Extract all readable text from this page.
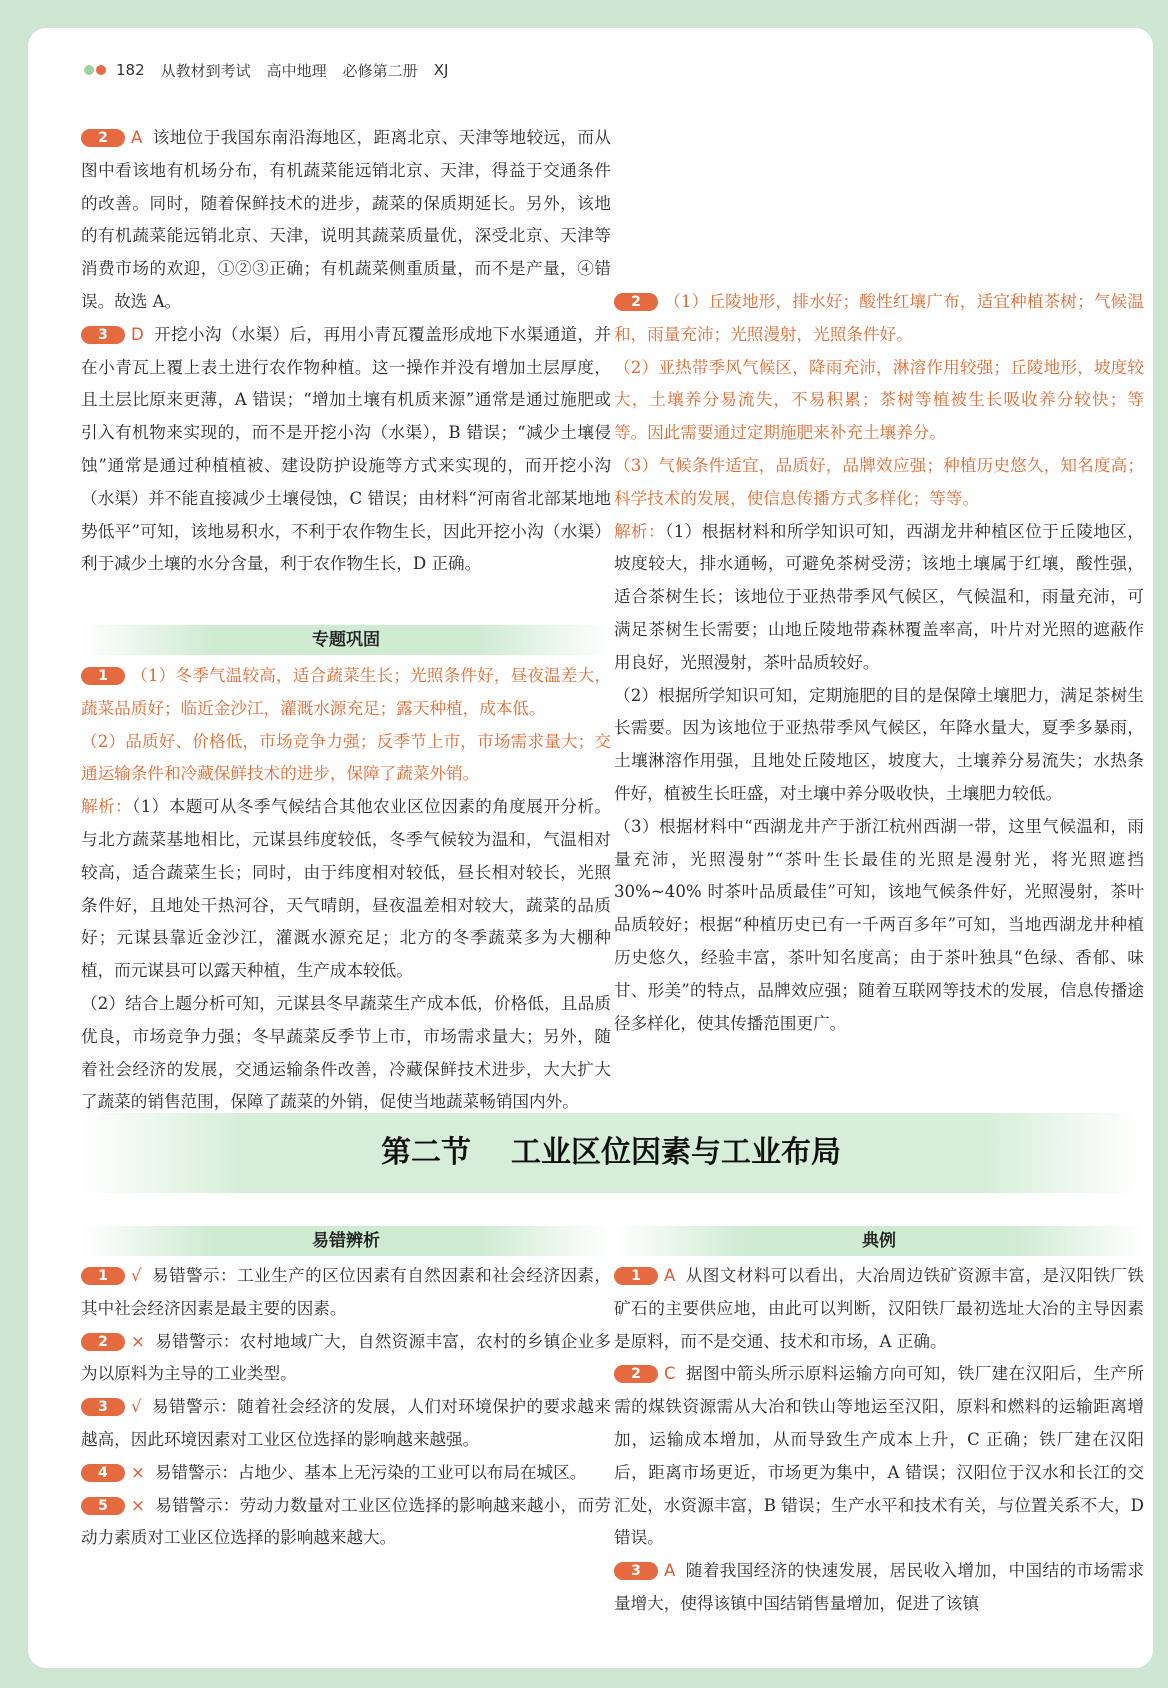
182 从教材到考试 高中地理 必修第二册 XJ

2 A 该地位于我国东南沿海地区，距离北京、天津等地较远，而从图中看该地有机场分布，有机蔬菜能远销北京、天津，得益于交通条件的改善。同时，随着保鲜技术的进步，蔬菜的保质期延长。另外，该地的有机蔬菜能远销北京、天津，说明其蔬菜质量优，深受北京、天津等消费市场的欢迎，①②③正确；有机蔬菜侧重质量，而不是产量，④错误。故选 A。

3 D 开挖小沟（水渠）后，再用小青瓦覆盖形成地下水渠通道，并在小青瓦上覆上表土进行农作物种植。这一操作并没有增加土层厚度，且土层比原来更薄，A 错误；“增加土壤有机质来源”通常是通过施肥或引入有机物来实现的，而不是开挖小沟（水渠），B 错误；“减少土壤侵蚀”通常是通过种植植被、建设防护设施等方式来实现的，而开挖小沟（水渠）并不能直接减少土壤侵蚀，C 错误；由材料“河南省北部某地地势低平”可知，该地易积水，不利于农作物生长，因此开挖小沟（水渠）利于减少土壤的水分含量，利于农作物生长，D 正确。

专题巩固

1 （1）冬季气温较高，适合蔬菜生长；光照条件好，昼夜温差大，蔬菜品质好；临近金沙江，灌溉水源充足；露天种植，成本低。

（2）品质好、价格低，市场竞争力强；反季节上市，市场需求量大；交通运输条件和冷藏保鲜技术的进步，保障了蔬菜外销。

解析：（1）本题可从冬季气候结合其他农业区位因素的角度展开分析。与北方蔬菜基地相比，元谋县纬度较低，冬季气候较为温和，气温相对较高，适合蔬菜生长；同时，由于纬度相对较低，昼长相对较长，光照条件好，且地处干热河谷，天气晴朗，昼夜温差相对较大，蔬菜的品质好；元谋县靠近金沙江，灌溉水源充足；北方的冬季蔬菜多为大棚种植，而元谋县可以露天种植，生产成本较低。

（2）结合上题分析可知，元谋县冬早蔬菜生产成本低，价格低，且品质优良，市场竞争力强；冬早蔬菜反季节上市，市场需求量大；另外，随着社会经济的发展，交通运输条件改善，冷藏保鲜技术进步，大大扩大了蔬菜的销售范围，保障了蔬菜的外销，促使当地蔬菜畅销国内外。

2 （1）丘陵地形，排水好；酸性红壤广布，适宜种植茶树；气候温和，雨量充沛；光照漫射，光照条件好。

（2）亚热带季风气候区，降雨充沛，淋溶作用较强；丘陵地形，坡度较大，土壤养分易流失，不易积累；茶树等植被生长吸收养分较快；等等。因此需要通过定期施肥来补充土壤养分。

（3）气候条件适宜，品质好，品牌效应强；种植历史悠久，知名度高；科学技术的发展，使信息传播方式多样化；等等。

解析：（1）根据材料和所学知识可知，西湖龙井种植区位于丘陵地区，坡度较大，排水通畅，可避免茶树受涝；该地土壤属于红壤，酸性强，适合茶树生长；该地位于亚热带季风气候区，气候温和，雨量充沛，可满足茶树生长需要；山地丘陵地带森林覆盖率高，叶片对光照的遮蔽作用良好，光照漫射，茶叶品质较好。

（2）根据所学知识可知，定期施肥的目的是保障土壤肥力，满足茶树生长需要。因为该地位于亚热带季风气候区，年降水量大，夏季多暴雨，土壤淋溶作用强，且地处丘陵地区，坡度大，土壤养分易流失；水热条件好，植被生长旺盛，对土壤中养分吸收快，土壤肥力较低。

（3）根据材料中“西湖龙井产于浙江杭州西湖一带，这里气候温和，雨量充沛，光照漫射”“茶叶生长最佳的光照是漫射光，将光照遮挡 30%~40% 时茶叶品质最佳”可知，该地气候条件好，光照漫射，茶叶品质较好；根据“种植历史已有一千两百多年”可知，当地西湖龙井种植历史悠久，经验丰富，茶叶知名度高；由于茶叶独具“色绿、香郁、味甘、形美”的特点，品牌效应强；随着互联网等技术的发展，信息传播途径多样化，使其传播范围更广。

第二节 工业区位因素与工业布局
易错辨析

1 √ 易错警示：工业生产的区位因素有自然因素和社会经济因素，其中社会经济因素是最主要的因素。

2 × 易错警示：农村地域广大，自然资源丰富，农村的乡镇企业多为以原料为主导的工业类型。

3 √ 易错警示：随着社会经济的发展，人们对环境保护的要求越来越高，因此环境因素对工业区位选择的影响越来越强。

4 × 易错警示：占地少、基本上无污染的工业可以布局在城区。

5 × 易错警示：劳动力数量对工业区位选择的影响越来越小，而劳动力素质对工业区位选择的影响越来越大。

典例

1 A 从图文材料可以看出，大冶周边铁矿资源丰富，是汉阳铁厂铁矿石的主要供应地，由此可以判断，汉阳铁厂最初选址大冶的主导因素是原料，而不是交通、技术和市场，A 正确。

2 C 据图中箭头所示原料运输方向可知，铁厂建在汉阳后，生产所需的煤铁资源需从大冶和铁山等地运至汉阳，原料和燃料的运输距离增加，运输成本增加，从而导致生产成本上升，C 正确；铁厂建在汉阳后，距离市场更近，市场更为集中，A 错误；汉阳位于汉水和长江的交汇处，水资源丰富，B 错误；生产水平和技术有关，与位置关系不大，D 错误。

3 A 随着我国经济的快速发展，居民收入增加，中国结的市场需求量增大，使得该镇中国结销售量增加，促进了该镇
